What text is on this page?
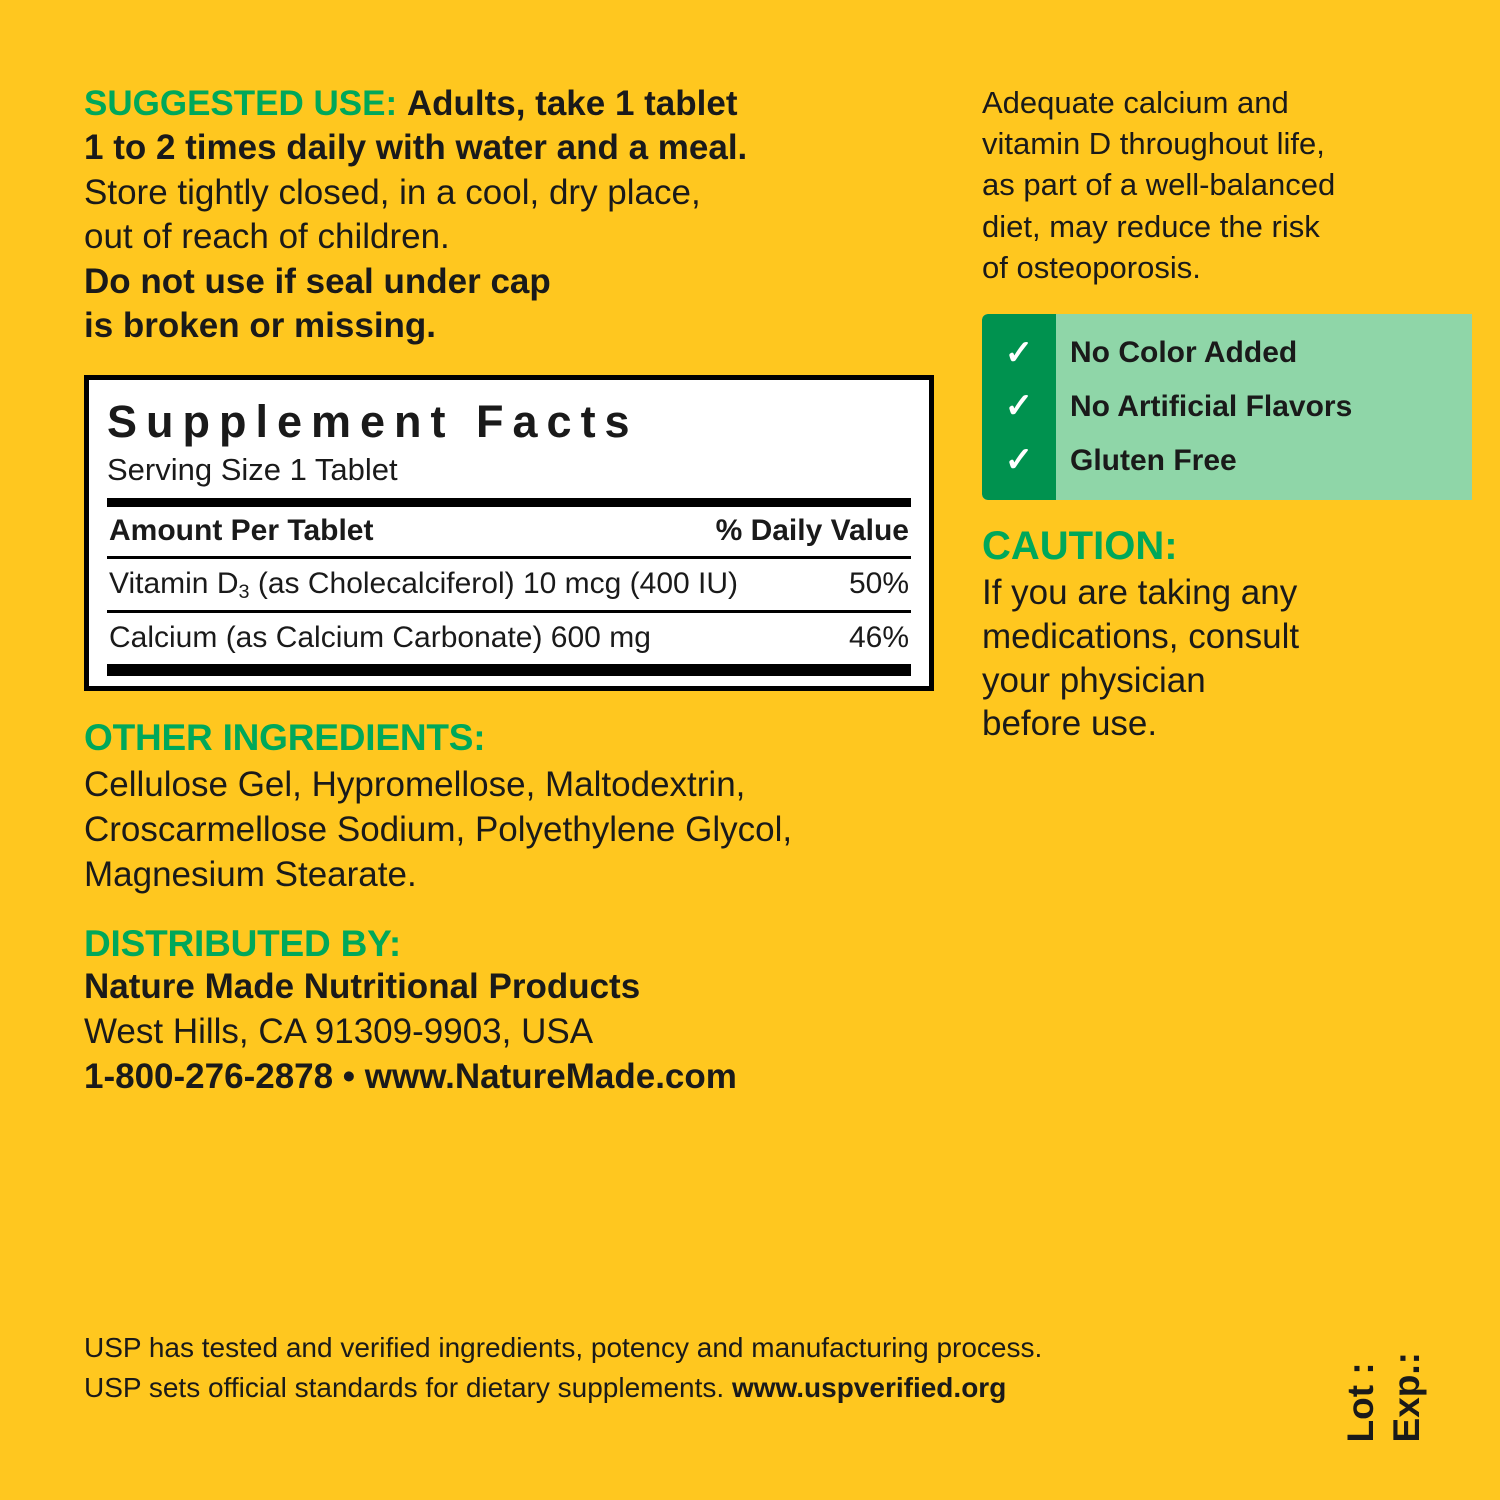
SUGGESTED USE: Adults, take 1 tablet
1 to 2 times daily with water and a meal.
Store tightly closed, in a cool, dry place,
out of reach of children.
Do not use if seal under cap
is broken or missing.
Supplement Facts
Serving Size 1 Tablet
Amount Per Tablet	% Daily Value
Vitamin $D_3$ (as Cholecalciferol) 10 mcg (400 IU)	50%
Calcium (as Calcium Carbonate) 600 mg	46%
OTHER INGREDIENTS:
Cellulose Gel, Hypromellose, Maltodextrin,
Croscarmellose Sodium, Polyethylene Glycol,
Magnesium Stearate.
DISTRIBUTED BY:
Nature Made Nutritional Products
West Hills, CA 91309-9903, USA
1-800-276-2878 • www.NatureMade.com
Adequate calcium and
vitamin D throughout life,
as part of a well-balanced
diet, may reduce the risk
of osteoporosis.
✓
✓
✓
No Color Added
No Artificial Flavors
Gluten Free
CAUTION:
If you are taking any
medications, consult
your physician
before use.
USP has tested and verified ingredients, potency and manufacturing process.
USP sets official standards for dietary supplements. www.uspverified.org	Lot : Exp.:
